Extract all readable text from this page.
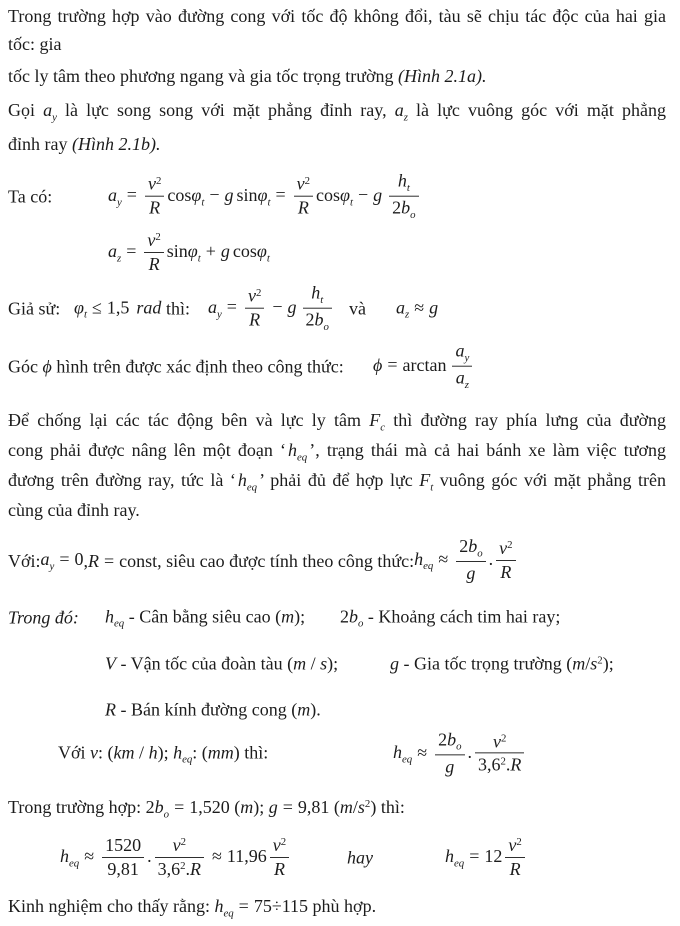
Trong trường hợp vào đường cong với tốc độ không đổi, tàu sẽ chịu tác độc của hai gia
tốc: gia
tốc ly tâm theo phương ngang và gia tốc trọng trường (Hình 2.1a).
Gọi $a_y$ là lực song song với mặt phẳng đỉnh ray, $a_z$ là lực vuông góc với mặt phẳng
đỉnh ray (Hình 2.1b).
Ta có:	$a_y = \frac{v^2}{R} \cos\varphi_t - g$ $\sin\varphi_t = \frac{v^2}{R} \cos\varphi_t - g \frac{h_t}{2b_o}$
$a_z = \frac{v^2}{R} \sin\varphi_t + g$ cosφ$_t$
Giả sử: $\varphi_t \le 1,5$ rad thì: $a_y = \frac{v^2}{R} - g \frac{h_t}{2b_o}$ và $a_z \approx g$
Góc ϕ hình trên được xác định theo công thức: $\phi = \arctan \frac{a_y}{a_z}$
Để chống lại các tác động bên và lực ly tâm $F_c$ thì đường ray phía lưng của đường
cong phải được nâng lên một đoạn ‘ $h_{eq}$ ’, trạng thái mà cả hai bánh xe làm việc tương
đương trên đường ray, tức là ‘ $h_{eq}$ ’ phải đủ để hợp lực $F_t$ vuông góc với mặt phẳng trên
cùng của đỉnh ray.
Với: $a_y = 0$ , R = const , siêu cao được tính theo công thức: $h_{eq} \approx \frac{2b_o}{g}$ . $\frac{v^2}{R}$
Trong đó: $h_{eq}$ - Cân bằng siêu cao (m); $2b_o$ - Khoảng cách tim hai ray;
V - Vận tốc của đoàn tàu (m / s);	g - Gia tốc trọng trường $(m/s^2)$;
R - Bán kính đường cong (m).
Với v: (km / h); $h_{eq}$: (mm) thì:	$h_{eq} \approx \frac{2b_o}{g}$ . $\frac{v^2}{3,6^2.R}$
Trong trường hợp: $2b_o = 1,520$ (m); g = 9,81 $(m/s^2)$ thì:
$h_{eq} \approx \frac{1520}{9,81}$ . $\frac{v^2}{3,6^2.R} \approx 11,96 \frac{v^2}{R}$	hay	$h_{eq} = 12 \frac{v^2}{R}$
Kinh nghiệm cho thấy rằng: $h_{eq} = 75\div 115$ phù hợp.
